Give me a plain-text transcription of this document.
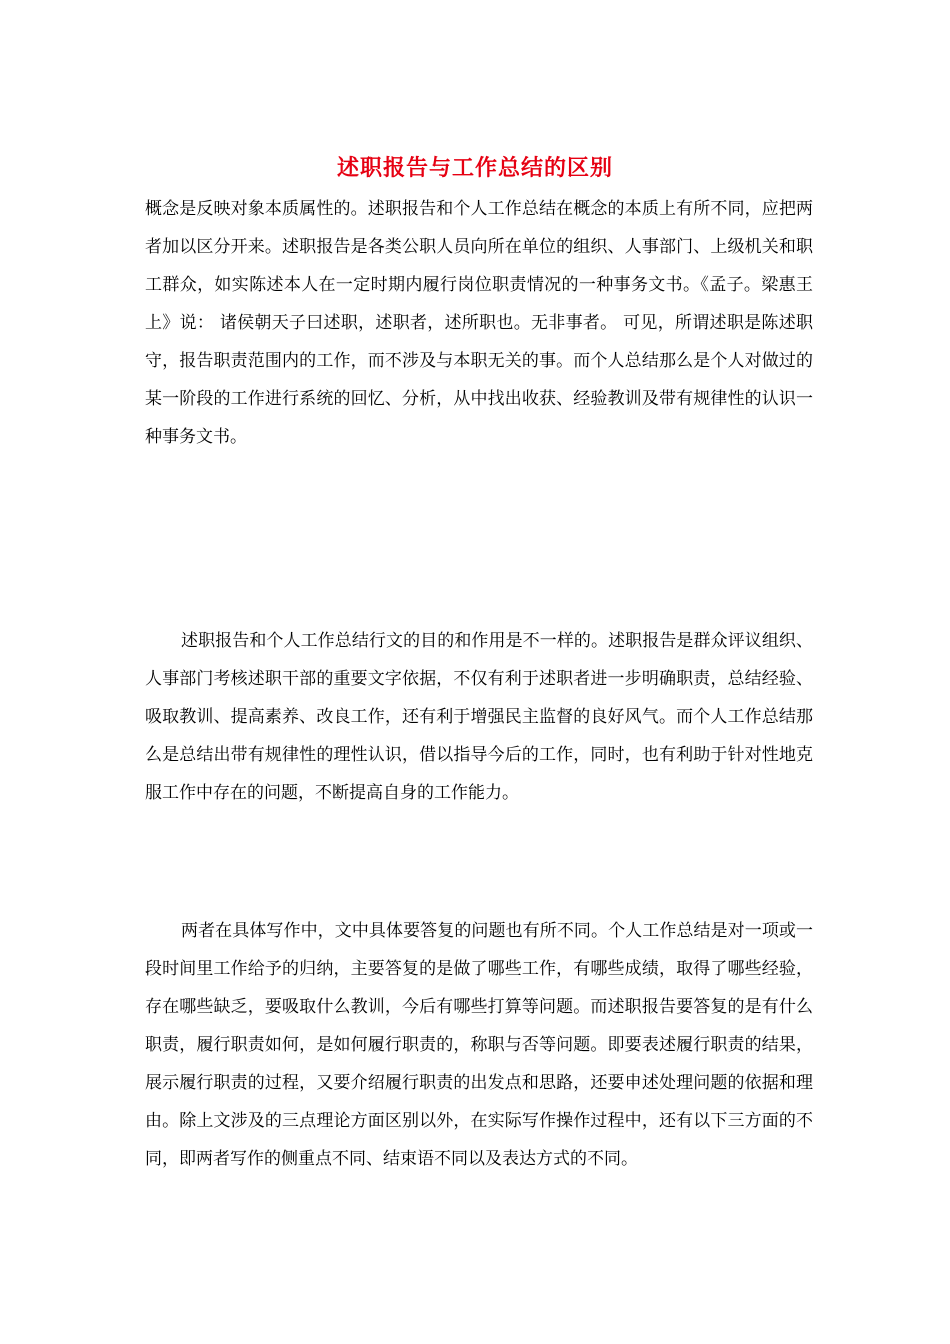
述职报告与工作总结的区别

概念是反映对象本质属性的。述职报告和个人工作总结在概念的本质上有所不同，应把两者加以区分开来。述职报告是各类公职人员向所在单位的组织、人事部门、上级机关和职工群众，如实陈述本人在一定时期内履行岗位职责情况的一种事务文书。《孟子。梁惠王上》说： 诸侯朝天子曰述职，述职者，述所职也。无非事者。 可见，所谓述职是陈述职守，报告职责范围内的工作，而不涉及与本职无关的事。而个人总结那么是个人对做过的某一阶段的工作进行系统的回忆、分析，从中找出收获、经验教训及带有规律性的认识一种事务文书。

述职报告和个人工作总结行文的目的和作用是不一样的。述职报告是群众评议组织、人事部门考核述职干部的重要文字依据，不仅有利于述职者进一步明确职责，总结经验、吸取教训、提高素养、改良工作，还有利于增强民主监督的良好风气。而个人工作总结那么是总结出带有规律性的理性认识，借以指导今后的工作，同时，也有利助于针对性地克服工作中存在的问题，不断提高自身的工作能力。

两者在具体写作中，文中具体要答复的问题也有所不同。个人工作总结是对一项或一段时间里工作给予的归纳，主要答复的是做了哪些工作，有哪些成绩，取得了哪些经验，存在哪些缺乏，要吸取什么教训，今后有哪些打算等问题。而述职报告要答复的是有什么职责，履行职责如何，是如何履行职责的，称职与否等问题。即要表述履行职责的结果，展示履行职责的过程，又要介绍履行职责的出发点和思路，还要申述处理问题的依据和理由。除上文涉及的三点理论方面区别以外，在实际写作操作过程中，还有以下三方面的不同，即两者写作的侧重点不同、结束语不同以及表达方式的不同。
